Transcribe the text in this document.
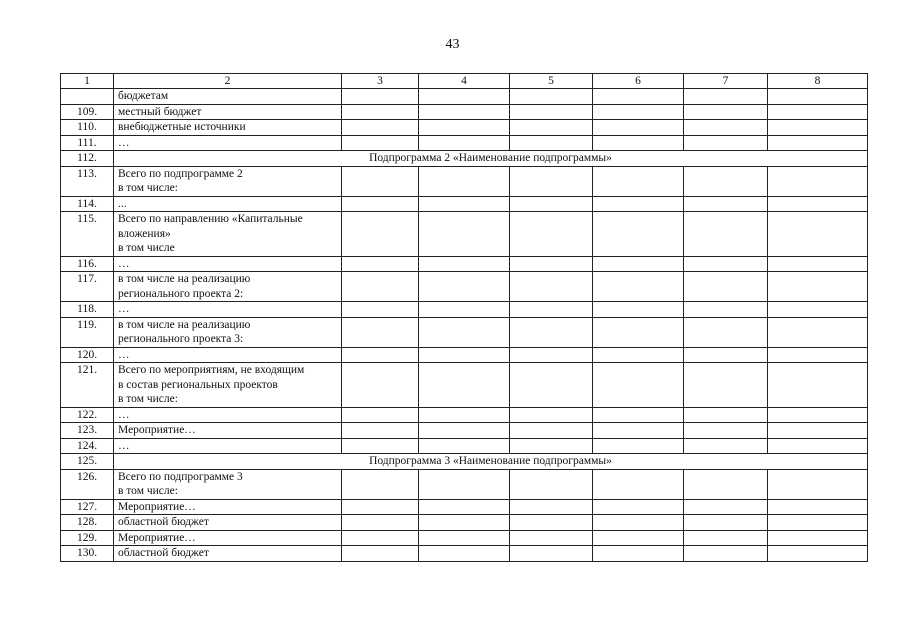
43
1	2	3	4	5	6	7	8
	бюджетам						
109.	местный бюджет						
110.	внебюджетные источники						
111.	…						
112.	Подпрограмма 2 «Наименование подпрограммы»						
113.	Всего по подпрограмме 2
в том числе:						
114.	...						
115.	Всего по направлению «Капитальные
вложения»
в том числе						
116.	…						
117.	в том числе на реализацию
регионального проекта 2:						
118.	…						
119.	в том числе на реализацию
регионального проекта 3:						
120.	…						
121.	Всего по мероприятиям, не входящим
в состав региональных проектов
в том числе:						
122.	…						
123.	Мероприятие…						
124.	…						
125.	Подпрограмма 3 «Наименование подпрограммы»						
126.	Всего по подпрограмме 3
в том числе:						
127.	Мероприятие…						
128.	областной бюджет						
129.	Мероприятие…						
130.	областной бюджет						
